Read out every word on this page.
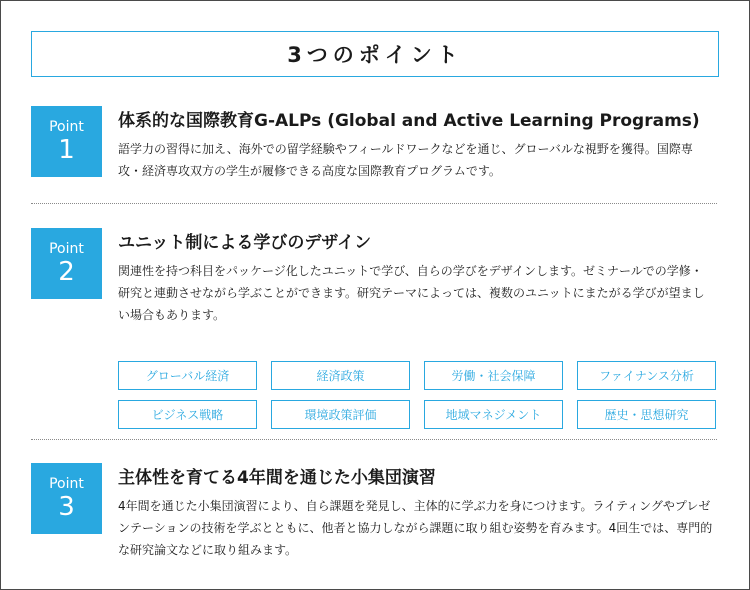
3つのポイント
Point
1
体系的な国際教育G-ALPs (Global and Active Learning Programs)
語学力の習得に加え、海外での留学経験やフィールドワークなどを通じ、グローバルな視野を獲得。国際専攻・経済専攻双方の学生が履修できる高度な国際教育プログラムです。
Point
2
ユニット制による学びのデザイン
関連性を持つ科目をパッケージ化したユニットで学び、自らの学びをデザインします。ゼミナールでの学修・研究と連動させながら学ぶことができます。研究テーマによっては、複数のユニットにまたがる学びが望ましい場合もあります。
グローバル経済	経済政策	労働・社会保障	ファイナンス分析
ビジネス戦略	環境政策評価	地域マネジメント	歴史・思想研究
Point
3
主体性を育てる4年間を通じた小集団演習
4年間を通じた小集団演習により、自ら課題を発見し、主体的に学ぶ力を身につけます。ライティングやプレゼンテーションの技術を学ぶとともに、他者と協力しながら課題に取り組む姿勢を育みます。4回生では、専門的な研究論文などに取り組みます。
